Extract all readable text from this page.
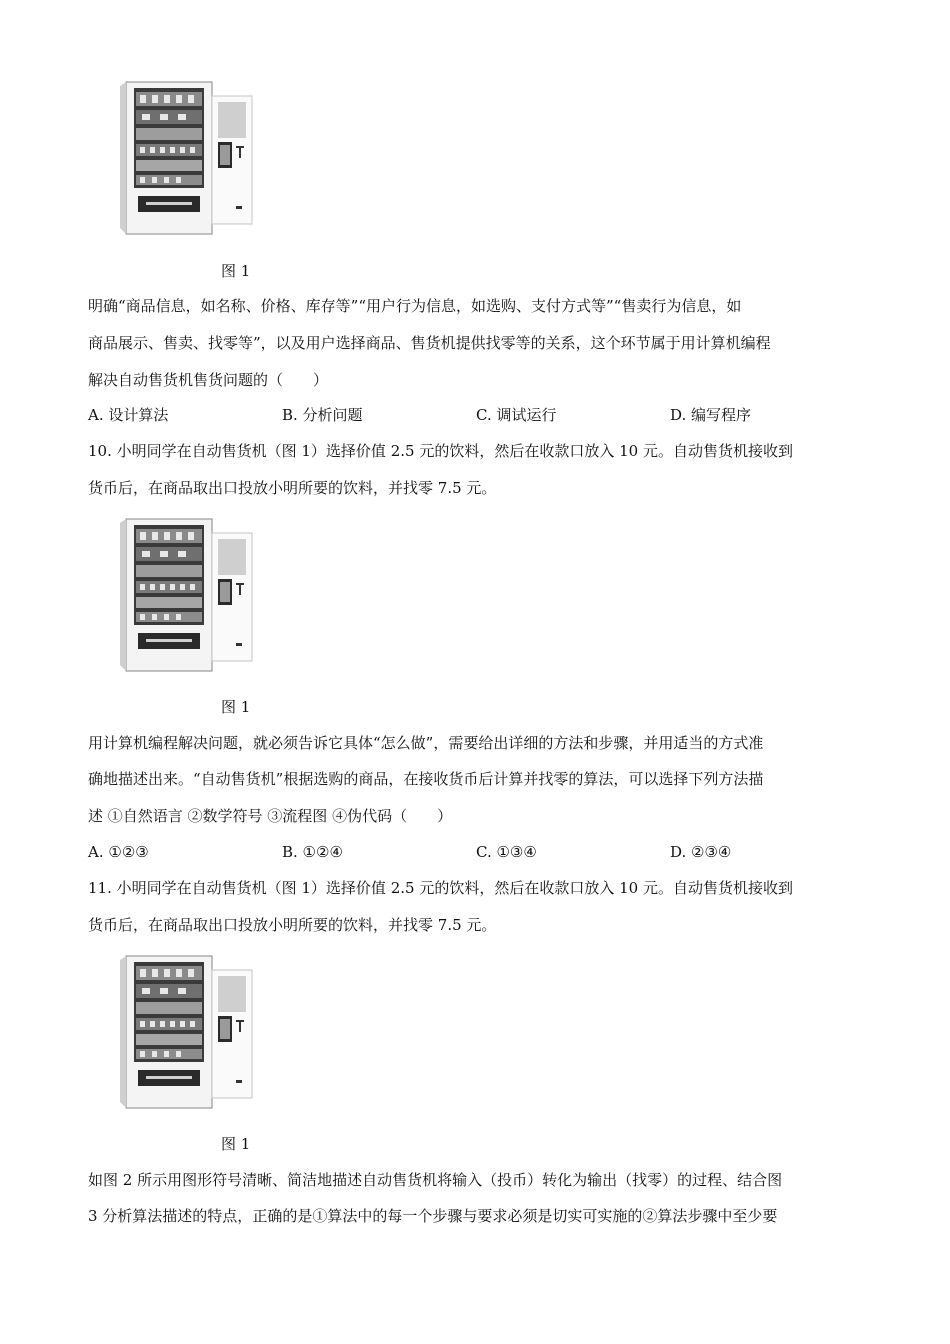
图 1
明确“商品信息，如名称、价格、库存等”“用户行为信息，如选购、支付方式等”“售卖行为信息，如
商品展示、售卖、找零等”，以及用户选择商品、售货机提供找零等的关系，这个环节属于用计算机编程
解决自动售货机售货问题的（　　）
A. 设计算法	B. 分析问题	C. 调试运行	D. 编写程序
10. 小明同学在自动售货机（图 1）选择价值 2.5 元的饮料，然后在收款口放入 10 元。自动售货机接收到
货币后，在商品取出口投放小明所要的饮料，并找零 7.5 元。
图 1
用计算机编程解决问题，就必须告诉它具体“怎么做”，需要给出详细的方法和步骤，并用适当的方式准
确地描述出来。“自动售货机”根据选购的商品，在接收货币后计算并找零的算法，可以选择下列方法描
述 ①自然语言 ②数学符号 ③流程图 ④伪代码（　　）
A. ①②③	B. ①②④	C. ①③④	D. ②③④
11. 小明同学在自动售货机（图 1）选择价值 2.5 元的饮料，然后在收款口放入 10 元。自动售货机接收到
货币后，在商品取出口投放小明所要的饮料，并找零 7.5 元。
图 1
如图 2 所示用图形符号清晰、简洁地描述自动售货机将输入（投币）转化为输出（找零）的过程、结合图
3 分析算法描述的特点，正确的是①算法中的每一个步骤与要求必须是切实可实施的②算法步骤中至少要
